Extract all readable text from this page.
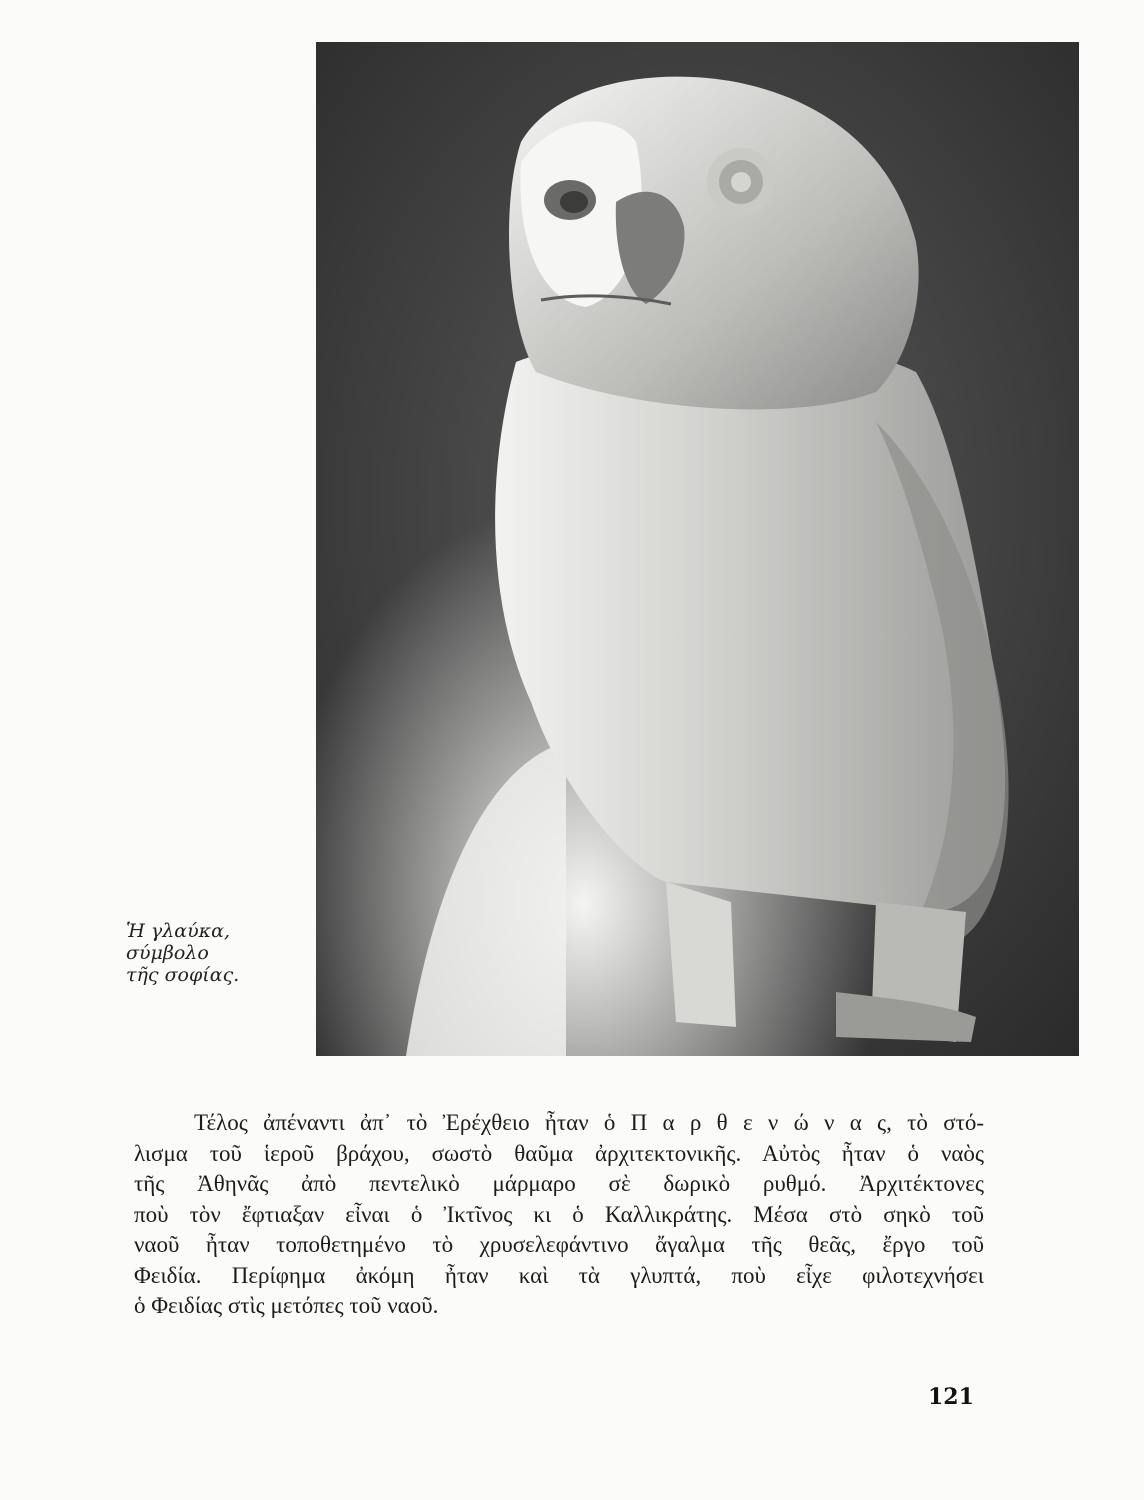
Ἡ γλαύκα,
σύμβολο
τῆς σοφίας.
Τέλος ἀπέναντι ἀπ᾽ τὸ Ἐρέχθειο ἦταν ὁ Π α ρ θ ε ν ώ ν α ς, τὸ στό-
λισμα τοῦ ἱεροῦ βράχου, σωστὸ θαῦμα ἀρχιτεκτονικῆς. Αὐτὸς ἦταν ὁ ναὸς
τῆς Ἀθηνᾶς ἀπὸ πεντελικὸ μάρμαρο σὲ δωρικὸ ρυθμό. Ἀρχιτέκτονες
ποὺ τὸν ἔφτιαξαν εἶναι ὁ Ἰκτῖνος κι ὁ Καλλικράτης. Μέσα στὸ σηκὸ τοῦ
ναοῦ ἦταν τοποθετημένο τὸ χρυσελεφάντινο ἄγαλμα τῆς θεᾶς, ἔργο τοῦ
Φειδία. Περίφημα ἀκόμη ἦταν καὶ τὰ γλυπτά, ποὺ εἶχε φιλοτεχνήσει
ὁ Φειδίας στὶς μετόπες τοῦ ναοῦ.
121
